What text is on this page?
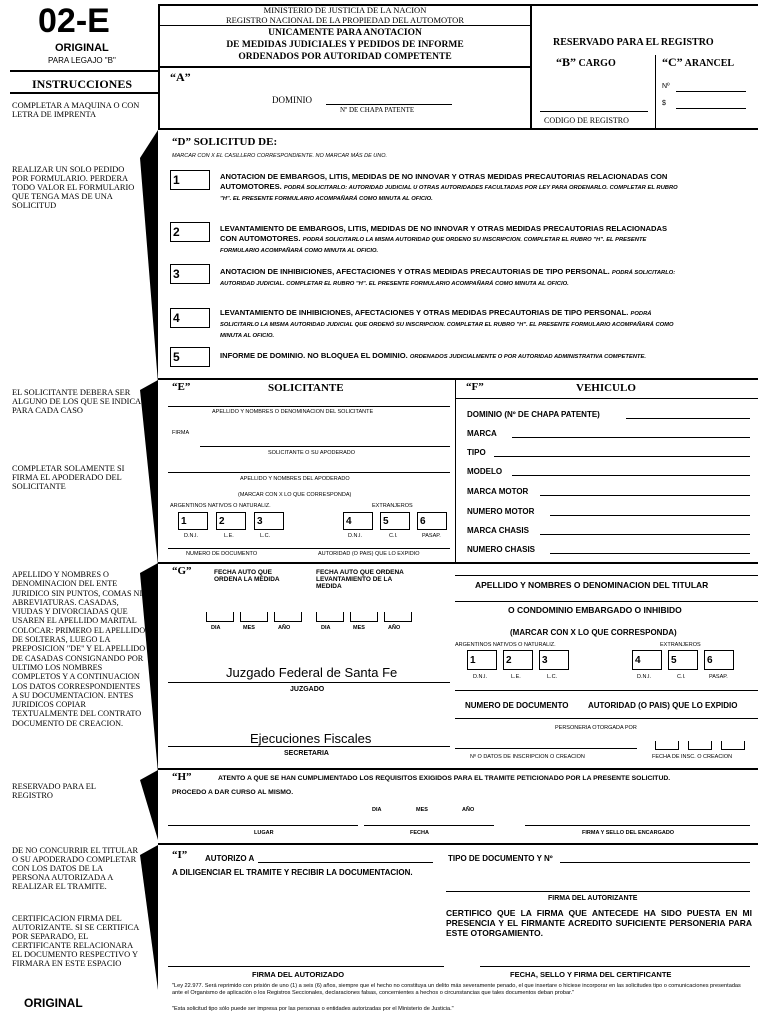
02-E
ORIGINAL
PARA LEGAJO "B"
INSTRUCCIONES
MINISTERIO DE JUSTICIA DE LA NACION
REGISTRO NACIONAL DE LA PROPIEDAD DEL AUTOMOTOR
UNICAMENTE PARA ANOTACION
DE MEDIDAS JUDICIALES Y PEDIDOS DE INFORME
ORDENADOS POR AUTORIDAD COMPETENTE
RESERVADO PARA EL REGISTRO
“B” CARGO	“C” ARANCEL
Nº
$
CODIGO DE REGISTRO
“A”
DOMINIO
Nº DE CHAPA PATENTE
COMPLETAR A MAQUINA O CON LETRA DE IMPRENTA
REALIZAR UN SOLO PEDIDO POR FORMULARIO. PERDERA TODO VALOR EL FORMULARIO QUE TENGA MAS DE UNA SOLICITUD
“D” SOLICITUD DE:
MARCAR CON X EL CASILLERO CORRESPONDIENTE. NO MARCAR MÁS DE UNO.
1	ANOTACION DE EMBARGOS, LITIS, MEDIDAS DE NO INNOVAR Y OTRAS MEDIDAS PRECAUTORIAS RELACIONADAS CON AUTOMOTORES. PODRÁ SOLICITARLO: AUTORIDAD JUDICIAL U OTRAS AUTORIDADES FACULTADAS POR LEY PARA ORDENARLO. COMPLETAR EL RUBRO "H". EL PRESENTE FORMULARIO ACOMPAÑARÁ COMO MINUTA AL OFICIO.
2	LEVANTAMIENTO DE EMBARGOS, LITIS, MEDIDAS DE NO INNOVAR Y OTRAS MEDIDAS PRECAUTORIAS RELACIONADAS CON AUTOMOTORES. PODRÁ SOLICITARLO LA MISMA AUTORIDAD QUE ORDENO SU INSCRIPCION. COMPLETAR EL RUBRO "H". EL PRESENTE FORMULARIO ACOMPAÑARÁ COMO MINUTA AL OFICIO.
3	ANOTACION DE INHIBICIONES, AFECTACIONES Y OTRAS MEDIDAS PRECAUTORIAS DE TIPO PERSONAL. PODRÁ SOLICITARLO: AUTORIDAD JUDICIAL. COMPLETAR EL RUBRO "H". EL PRESENTE FORMULARIO ACOMPAÑARÁ COMO MINUTA AL OFICIO.
4	LEVANTAMIENTO DE INHIBICIONES, AFECTACIONES Y OTRAS MEDIDAS PRECAUTORIAS DE TIPO PERSONAL. PODRÁ SOLICITARLO LA MISMA AUTORIDAD JUDICIAL QUE ORDENÓ SU INSCRIPCION. COMPLETAR EL RUBRO "H". EL PRESENTE FORMULARIO ACOMPAÑARÁ COMO MINUTA AL OFICIO.
5	INFORME DE DOMINIO. NO BLOQUEA EL DOMINIO. ORDENADOS JUDICIALMENTE O POR AUTORIDAD ADMINISTRATIVA COMPETENTE.
EL SOLICITANTE DEBERA SER ALGUNO DE LOS QUE SE INDICA PARA CADA CASO
COMPLETAR SOLAMENTE SI FIRMA EL APODERADO DEL SOLICITANTE
“E”	SOLICITANTE
APELLIDO Y NOMBRES O DENOMINACION DEL SOLICITANTE
FIRMA
SOLICITANTE O SU APODERADO
APELLIDO Y NOMBRES DEL APODERADO
(MARCAR CON X LO QUE CORRESPONDA)
ARGENTINOS NATIVOS O NATURALIZ.	EXTRANJEROS
1	2	3	4	5	6
D.N.I.	L.E.	L.C.	D.N.I.	C.I.	PASAP.
NUMERO DE DOCUMENTO	AUTORIDAD (O PAIS) QUE LO EXPIDIO
“F”	VEHICULO
DOMINIO (Nº DE CHAPA PATENTE)
MARCA
TIPO
MODELO
MARCA MOTOR
NUMERO MOTOR
MARCA CHASIS
NUMERO CHASIS
APELLIDO Y NOMBRES O DENOMINACION DEL ENTE JURIDICO SIN PUNTOS, COMAS NI ABREVIATURAS. CASADAS, VIUDAS Y DIVORCIADAS QUE USAREN EL APELLIDO MARITAL COLOCAR: PRIMERO EL APELLIDO DE SOLTERAS, LUEGO LA PREPOSICION "DE" Y EL APELLIDO DE CASADAS CONSIGNANDO POR ULTIMO LOS NOMBRES COMPLETOS Y A CONTINUACION LOS DATOS CORRESPONDIENTES A SU DOCUMENTACION. ENTES JURIDICOS COPIAR TEXTUALMENTE DEL CONTRATO DOCUMENTO DE CREACION.
“G”	FECHA AUTO QUE ORDENA LA MEDIDA
FECHA AUTO QUE ORDENA LEVANTAMIENTO DE LA MEDIDA
DIA	MES	AÑO	DIA	MES	AÑO
Juzgado Federal de Santa Fe
JUZGADO
Ejecuciones Fiscales
SECRETARIA
APELLIDO Y NOMBRES O DENOMINACION DEL TITULAR
O CONDOMINIO EMBARGADO O INHIBIDO
(MARCAR CON X LO QUE CORRESPONDA)
ARGENTINOS NATIVOS O NATURALIZ.	EXTRANJEROS
1	2	3	4	5	6
D.N.I.	L.E.	L.C.	D.N.I.	C.I.	PASAP.
NUMERO DE DOCUMENTO AUTORIDAD (O PAIS) QUE LO EXPIDIO
PERSONERIA OTORGADA POR
Nº O DATOS DE INSCRIPCION O CREACION	FECHA DE INSC. O CREACION
RESERVADO PARA EL REGISTRO
“H”	ATENTO A QUE SE HAN CUMPLIMENTADO LOS REQUISITOS EXIGIDOS PARA EL TRAMITE PETICIONADO POR LA PRESENTE SOLICITUD.
PROCEDO A DAR CURSO AL MISMO.
DIA	MES	AÑO
LUGAR	FECHA	FIRMA Y SELLO DEL ENCARGADO
DE NO CONCURRIR EL TITULAR O SU APODERADO COMPLETAR CON LOS DATOS DE LA PERSONA AUTORIZADA A REALIZAR EL TRAMITE.
CERTIFICACION FIRMA DEL AUTORIZANTE. SI SE CERTIFICA POR SEPARADO, EL CERTIFICANTE RELACIONARA EL DOCUMENTO RESPECTIVO Y FIRMARA EN ESTE ESPACIO
“I” AUTORIZO A	TIPO DE DOCUMENTO Y Nº
A DILIGENCIAR EL TRAMITE Y RECIBIR LA DOCUMENTACION.
FIRMA DEL AUTORIZANTE
CERTIFICO QUE LA FIRMA QUE ANTECEDE HA SIDO PUESTA EN MI PRESENCIA Y EL FIRMANTE ACREDITO SUFICIENTE PERSONERIA PARA ESTE OTORGAMIENTO.
FIRMA DEL AUTORIZADO	FECHA, SELLO Y FIRMA DEL CERTIFICANTE
"Ley 22.977. Será reprimido con prisión de uno (1) a seis (6) años, siempre que el hecho no constituya un delito más severamente penado, el que insertare o hiciese incorporar en las solicitudes tipo o comunicaciones presentadas ante el Organismo de aplicación o los Registros Seccionales, declaraciones falsas, concernientes a hechos o circunstancias que tales documentos deban probar."
"Esta solicitud tipo sólo puede ser impresa por las personas o entidades autorizadas por el Ministerio de Justicia."
ORIGINAL
